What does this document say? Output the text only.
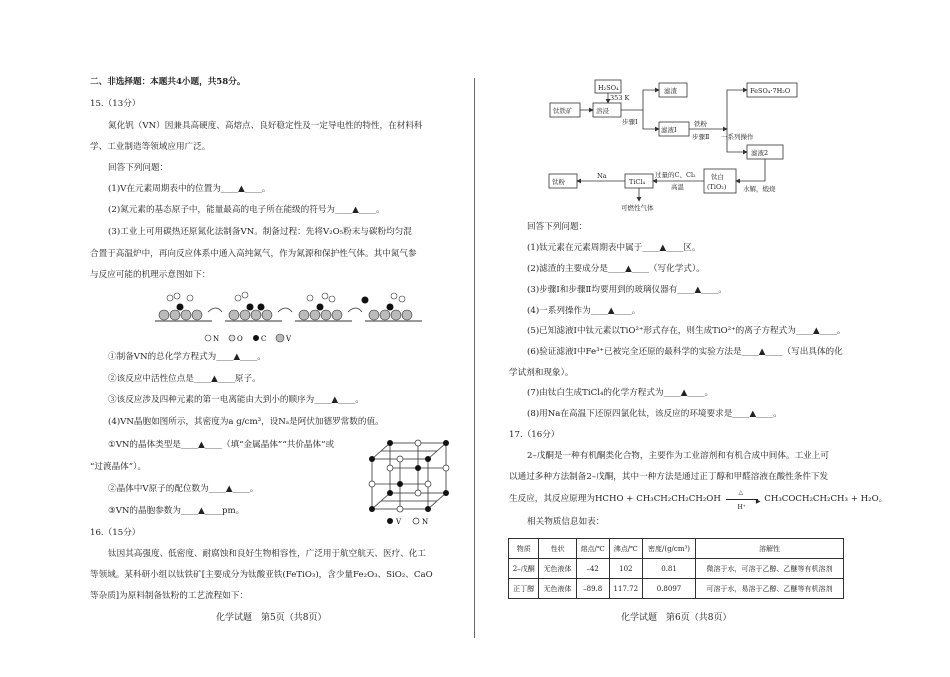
二、非选择题：本题共4小题，共58分。
15.（13分）
氮化钒（VN）因兼具高硬度、高熔点、良好稳定性及一定导电性的特性，在材料科
学、工业制造等领域应用广泛。
回答下列问题：
(1)V在元素周期表中的位置为____▲____。
(2)氮元素的基态原子中，能量最高的电子所在能级的符号为____▲____。
(3)工业上可用碳热还原氮化法制备VN。制备过程：先将V₂O₅粉末与碳粉均匀混
合置于高温炉中，再向反应体系中通入高纯氮气，作为氮源和保护性气体。其中氮气参
与反应可能的机理示意图如下：
N	O	C	V
①制备VN的总化学方程式为____▲____。
②该反应中活性位点是____▲____原子。
③该反应涉及四种元素的第一电离能由大到小的顺序为____▲____。
(4)VN晶胞如图所示，其密度为a g/cm³，设Nₐ是阿伏加德罗常数的值。
①VN的晶体类型是____▲____（填“金属晶体”“共价晶体”或
“过渡晶体”）。
②晶体中V原子的配位数为____▲____。
③VN的晶胞参数为____▲____pm。
V	N
16.（15分）
钛因其高强度、低密度、耐腐蚀和良好生物相容性，广泛用于航空航天、医疗、化工
等领域。某科研小组以钛铁矿[主要成分为钛酸亚铁(FeTiO₃)，含少量Fe₂O₃、SiO₂、CaO
等杂质]为原料制备钛粉的工艺流程如下：
化学试题　第5页（共8页）
H₂SO₄
353 K
钛铁矿	溶浸
步骤Ⅰ
滤渣
滤液Ⅰ
铁粉
步骤Ⅱ 一系列操作
FeSO₄·7H₂O
滤液2
水解，煅烧
钛白
(TiO₂)
过量的C、Cl₂
高温
TiCl₄
Na
钛粉
可燃性气体
回答下列问题：
(1)钛元素在元素周期表中属于____▲____区。
(2)滤渣的主要成分是____▲____（写化学式）。
(3)步骤Ⅰ和步骤Ⅱ均要用到的玻璃仪器有____▲____。
(4)一系列操作为____▲____。
(5)已知滤液Ⅰ中钛元素以TiO²⁺形式存在，则生成TiO²⁺的离子方程式为____▲____。
(6)验证滤液Ⅰ中Fe³⁺已被完全还原的最科学的实验方法是____▲____（写出具体的化
学试剂和现象）。
(7)由钛白生成TiCl₄的化学方程式为____▲____。
(8)用Na在高温下还原四氯化钛，该反应的环境要求是____▲____。
17.（16分）
2–戊酮是一种有机酮类化合物，主要作为工业溶剂和有机合成中间体。工业上可
以通过多种方法制备2–戊酮，其中一种方法是通过正丁醇和甲醛溶液在酸性条件下发
生反应，其反应原理为HCHO + CH₃CH₂CH₂CH₂OH
△
▶
H⁺
CH₃COCH₂CH₂CH₃ + H₂O。
相关物质信息如表：
化学试题　第6页（共8页）
物质	性状	熔点/℃	沸点/℃	密度/(g/cm³)	溶解性
2–戊酮	无色液体	–42	102	0.81	微溶于水，可溶于乙醇、乙醚等有机溶剂
正丁醇	无色液体	–89.8	117.72	0.8097	可溶于水，易溶于乙醇、乙醚等有机溶剂
